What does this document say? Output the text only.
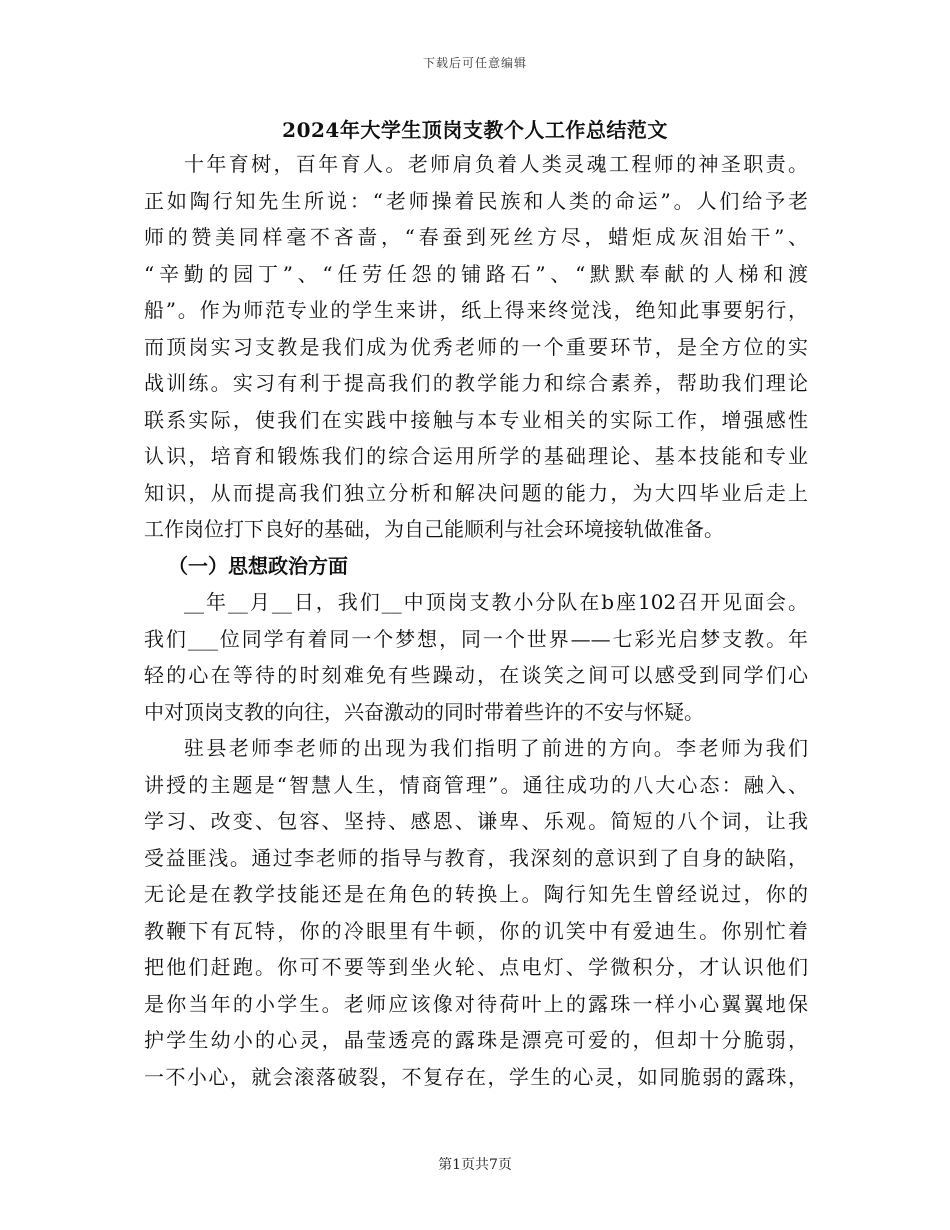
下载后可任意编辑
2024年大学生顶岗支教个人工作总结范文
十年育树，百年育人。老师肩负着人类灵魂工程师的神圣职责。
正如陶行知先生所说：“老师操着民族和人类的命运”。人们给予老
师的赞美同样毫不吝啬，“春蚕到死丝方尽，蜡炬成灰泪始干”、
“辛勤的园丁”、“任劳任怨的铺路石”、“默默奉献的人梯和渡
船”。作为师范专业的学生来讲，纸上得来终觉浅，绝知此事要躬行，
而顶岗实习支教是我们成为优秀老师的一个重要环节，是全方位的实
战训练。实习有利于提高我们的教学能力和综合素养，帮助我们理论
联系实际，使我们在实践中接触与本专业相关的实际工作，增强感性
认识，培育和锻炼我们的综合运用所学的基础理论、基本技能和专业
知识，从而提高我们独立分析和解决问题的能力，为大四毕业后走上
工作岗位打下良好的基础，为自己能顺利与社会环境接轨做准备。
（一）思想政治方面
__年__月__日，我们__中顶岗支教小分队在b座102召开见面会。
我们___位同学有着同一个梦想，同一个世界——七彩光启梦支教。年
轻的心在等待的时刻难免有些躁动，在谈笑之间可以感受到同学们心
中对顶岗支教的向往，兴奋激动的同时带着些许的不安与怀疑。
驻县老师李老师的出现为我们指明了前进的方向。李老师为我们
讲授的主题是“智慧人生，情商管理”。通往成功的八大心态：融入、
学习、改变、包容、坚持、感恩、谦卑、乐观。简短的八个词，让我
受益匪浅。通过李老师的指导与教育，我深刻的意识到了自身的缺陷，
无论是在教学技能还是在角色的转换上。陶行知先生曾经说过，你的
教鞭下有瓦特，你的冷眼里有牛顿，你的讥笑中有爱迪生。你别忙着
把他们赶跑。你可不要等到坐火轮、点电灯、学微积分，才认识他们
是你当年的小学生。老师应该像对待荷叶上的露珠一样小心翼翼地保
护学生幼小的心灵，晶莹透亮的露珠是漂亮可爱的，但却十分脆弱，
一不小心，就会滚落破裂，不复存在，学生的心灵，如同脆弱的露珠，
第1页共7页
